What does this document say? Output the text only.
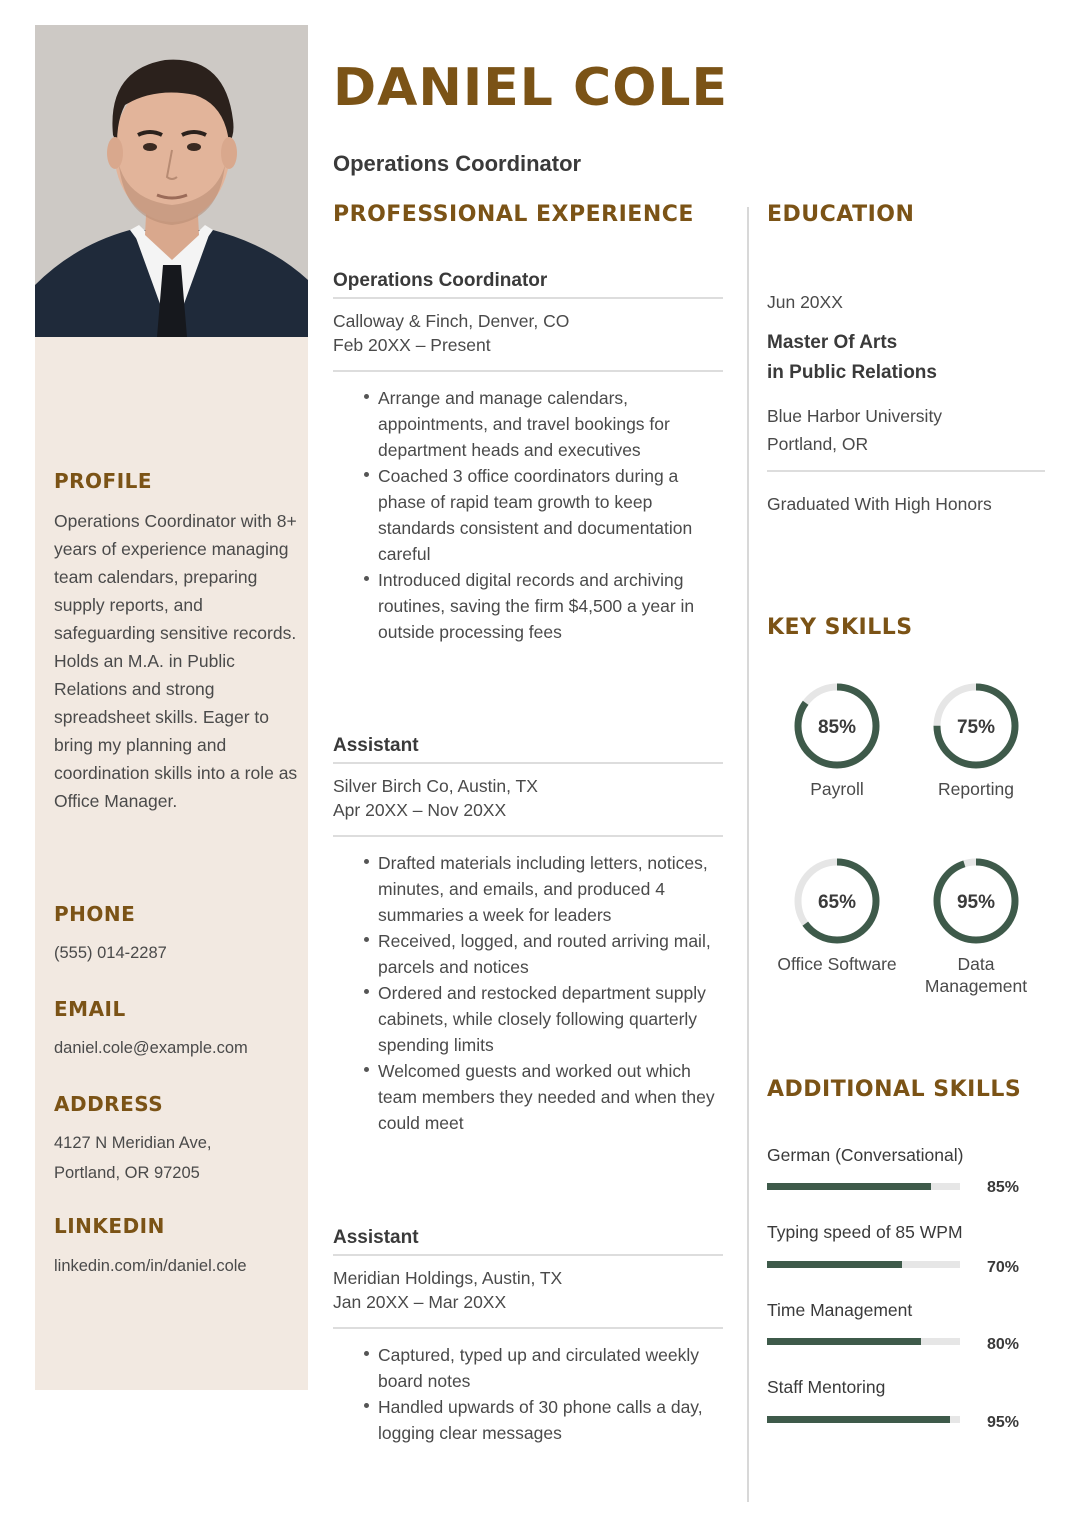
PROFILE

Operations Coordinator with 8+ years of experience managing team calendars, preparing supply reports, and safeguarding sensitive records. Holds an M.A. in Public Relations and strong spreadsheet skills. Eager to bring my planning and coordination skills into a role as Office Manager.

PHONE

(555) 014-2287

EMAIL

daniel.cole@example.com

ADDRESS

4127 N Meridian Ave,

Portland, OR 97205

LINKEDIN

linkedin.com/in/daniel.cole

DANIEL COLE
Operations Coordinator
PROFESSIONAL EXPERIENCE

Operations Coordinator

Calloway & Finch, Denver, CO

Feb 20XX – Present

Arrange and manage calendars, appointments, and travel bookings for department heads and executives
Coached 3 office coordinators during a phase of rapid team growth to keep standards consistent and documentation careful
Introduced digital records and archiving routines, saving the firm $4,500 a year in outside processing fees

Assistant

Silver Birch Co, Austin, TX

Apr 20XX – Nov 20XX

Drafted materials including letters, notices, minutes, and emails, and produced 4 summaries a week for leaders
Received, logged, and routed arriving mail, parcels and notices
Ordered and restocked department supply cabinets, while closely following quarterly spending limits
Welcomed guests and worked out which team members they needed and when they could meet

Assistant

Meridian Holdings, Austin, TX

Jan 20XX – Mar 20XX

Captured, typed up and circulated weekly board notes
Handled upwards of 30 phone calls a day, logging clear messages
EDUCATION

Jun 20XX

Master Of Arts

in Public Relations

Blue Harbor University

Portland, OR

Graduated With High Honors

KEY SKILLS
85%

Payroll

75%

Reporting

65%

Office Software

95%

Data Management

ADDITIONAL SKILLS

German (Conversational)

85%

Typing speed of 85 WPM

70%

Time Management

80%

Staff Mentoring

95%
